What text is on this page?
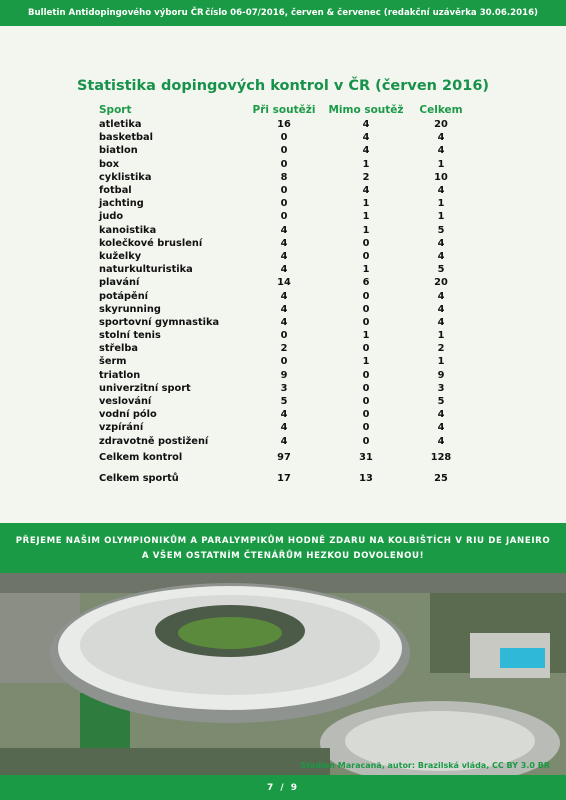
Bulletin Antidopingového výboru ČR číslo 06-07/2016, červen & červenec (redakční uzávěrka 30.06.2016)
Statistika dopingových kontrol v ČR (červen 2016)
Sport	Při soutěži	Mimo soutěž	Celkem
atletika	16	4	20
basketbal	0	4	4
biatlon	0	4	4
box	0	1	1
cyklistika	8	2	10
fotbal	0	4	4
jachting	0	1	1
judo	0	1	1
kanoistika	4	1	5
kolečkové bruslení	4	0	4
kuželky	4	0	4
naturkulturistika	4	1	5
plavání	14	6	20
potápění	4	0	4
skyrunning	4	0	4
sportovní gymnastika	4	0	4
stolní tenis	0	1	1
střelba	2	0	2
šerm	0	1	1
triatlon	9	0	9
univerzitní sport	3	0	3
veslování	5	0	5
vodní pólo	4	0	4
vzpírání	4	0	4
zdravotně postižení	4	0	4
Celkem kontrol	97	31	128
Celkem sportů	17	13	25
PŘEJEME NAŠIM OLYMPIONIKŮM A PARALYMPIKŮM HODNĚ ZDARU NA KOLBIŠTÍCH V RIU DE JANEIRO
A VŠEM OSTATNÍM ČTENÁŘŮM HEZKOU DOVOLENOU!
Stadion Maracanã, autor: Brazilská vláda, CC BY 3.0 BR
7 / 9
